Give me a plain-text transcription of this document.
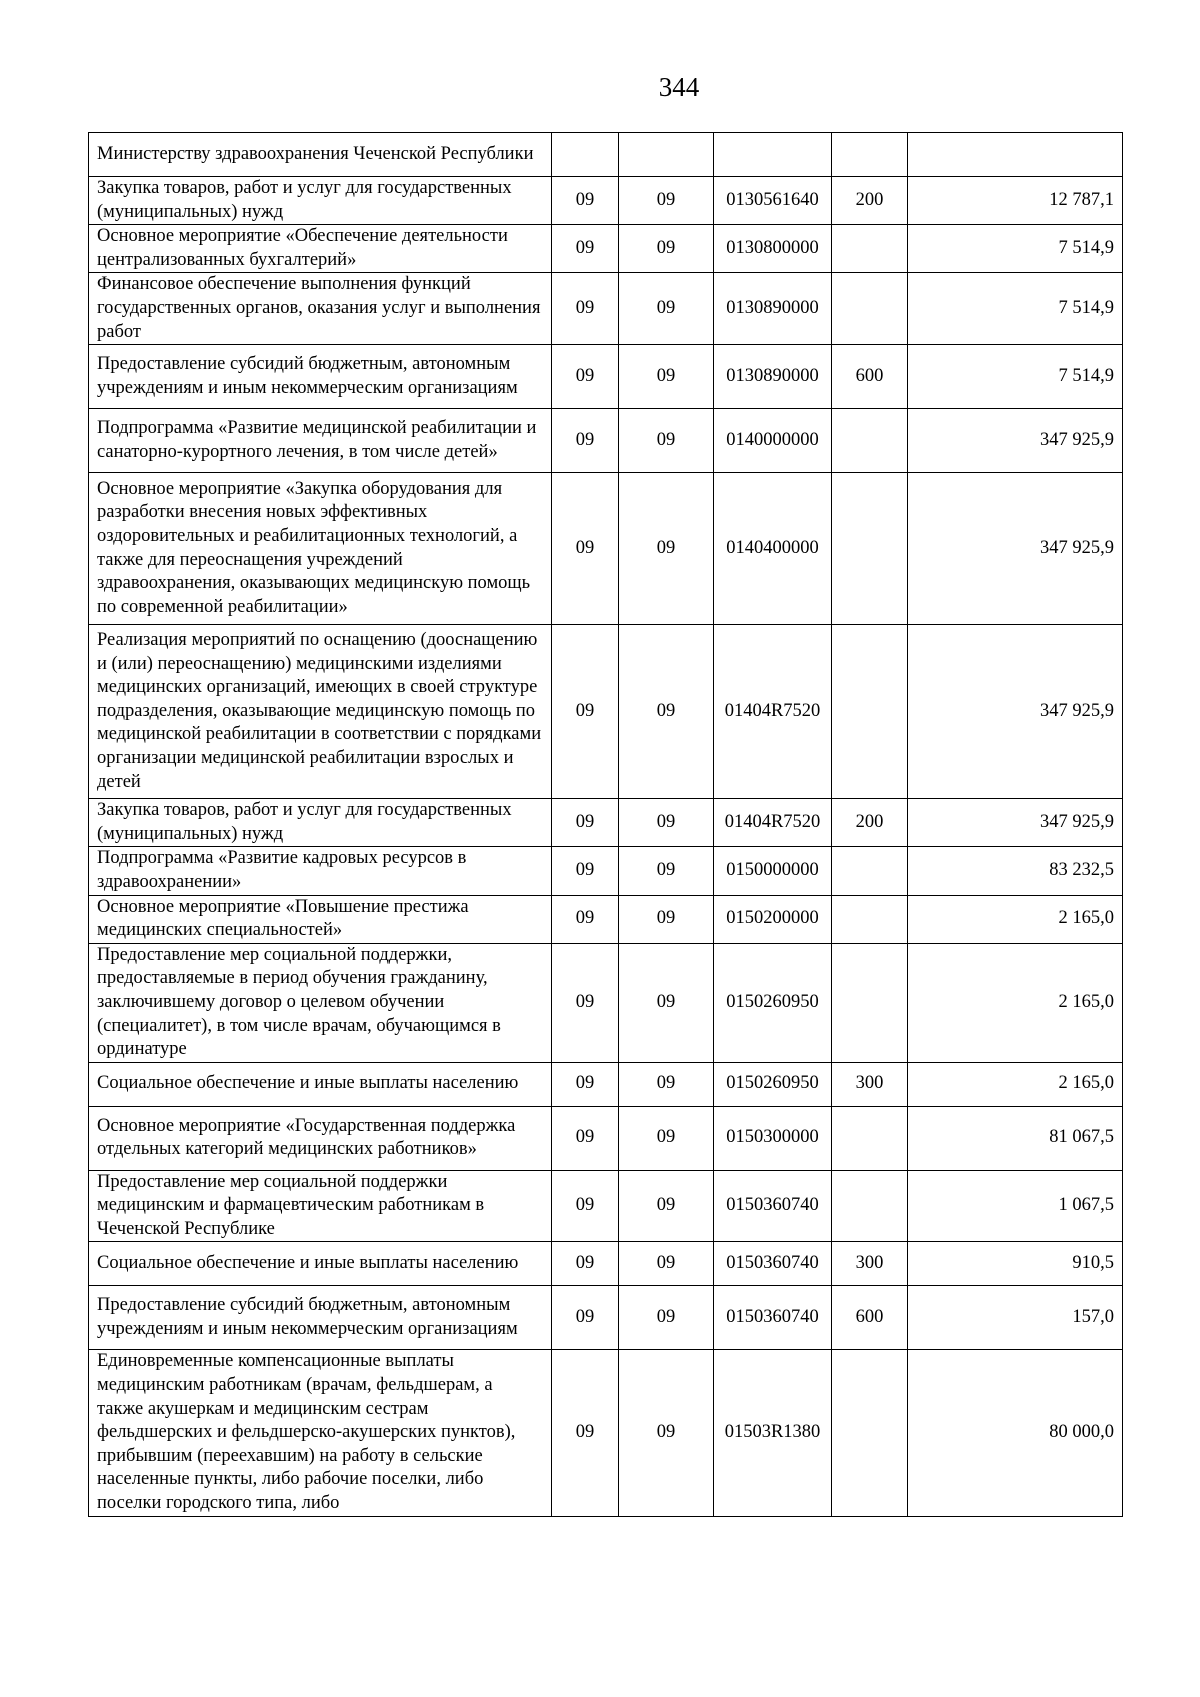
344
Министерству здравоохранения Чеченской Республики					
Закупка товаров, работ и услуг для государственных (муниципальных) нужд	09	09	0130561640	200	12 787,1
Основное мероприятие «Обеспечение деятельности централизованных бухгалтерий»	09	09	0130800000		7 514,9
Финансовое обеспечение выполнения функций государственных органов, оказания услуг и выполнения работ	09	09	0130890000		7 514,9
Предоставление субсидий бюджетным, автономным учреждениям и иным некоммерческим организациям	09	09	0130890000	600	7 514,9
Подпрограмма «Развитие медицинской реабилитации и санаторно-курортного лечения, в том числе детей»	09	09	0140000000		347 925,9
Основное мероприятие «Закупка оборудования для разработки внесения новых эффективных оздоровительных и реабилитационных технологий, а также для переоснащения учреждений здравоохранения, оказывающих медицинскую помощь по современной реабилитации»	09	09	0140400000		347 925,9
Реализация мероприятий по оснащению (дооснащению и (или) переоснащению) медицинскими изделиями медицинских организаций, имеющих в своей структуре подразделения, оказывающие медицинскую помощь по медицинской реабилитации в соответствии с порядками организации медицинской реабилитации взрослых и детей	09	09	01404R7520		347 925,9
Закупка товаров, работ и услуг для государственных (муниципальных) нужд	09	09	01404R7520	200	347 925,9
Подпрограмма «Развитие кадровых ресурсов в здравоохранении»	09	09	0150000000		83 232,5
Основное мероприятие «Повышение престижа медицинских специальностей»	09	09	0150200000		2 165,0
Предоставление мер социальной поддержки, предоставляемые в период обучения гражданину, заключившему договор о целевом обучении (специалитет), в том числе врачам, обучающимся в ординатуре	09	09	0150260950		2 165,0
Социальное обеспечение и иные выплаты населению	09	09	0150260950	300	2 165,0
Основное мероприятие «Государственная поддержка отдельных категорий медицинских работников»	09	09	0150300000		81 067,5
Предоставление мер социальной поддержки медицинским и фармацевтическим работникам в Чеченской Республике	09	09	0150360740		1 067,5
Социальное обеспечение и иные выплаты населению	09	09	0150360740	300	910,5
Предоставление субсидий бюджетным, автономным учреждениям и иным некоммерческим организациям	09	09	0150360740	600	157,0
Единовременные компенсационные выплаты медицинским работникам (врачам, фельдшерам, а также акушеркам и медицинским сестрам фельдшерских и фельдшерско-акушерских пунктов), прибывшим (переехавшим) на работу в сельские населенные пункты, либо рабочие поселки, либо поселки городского типа, либо	09	09	01503R1380		80 000,0
